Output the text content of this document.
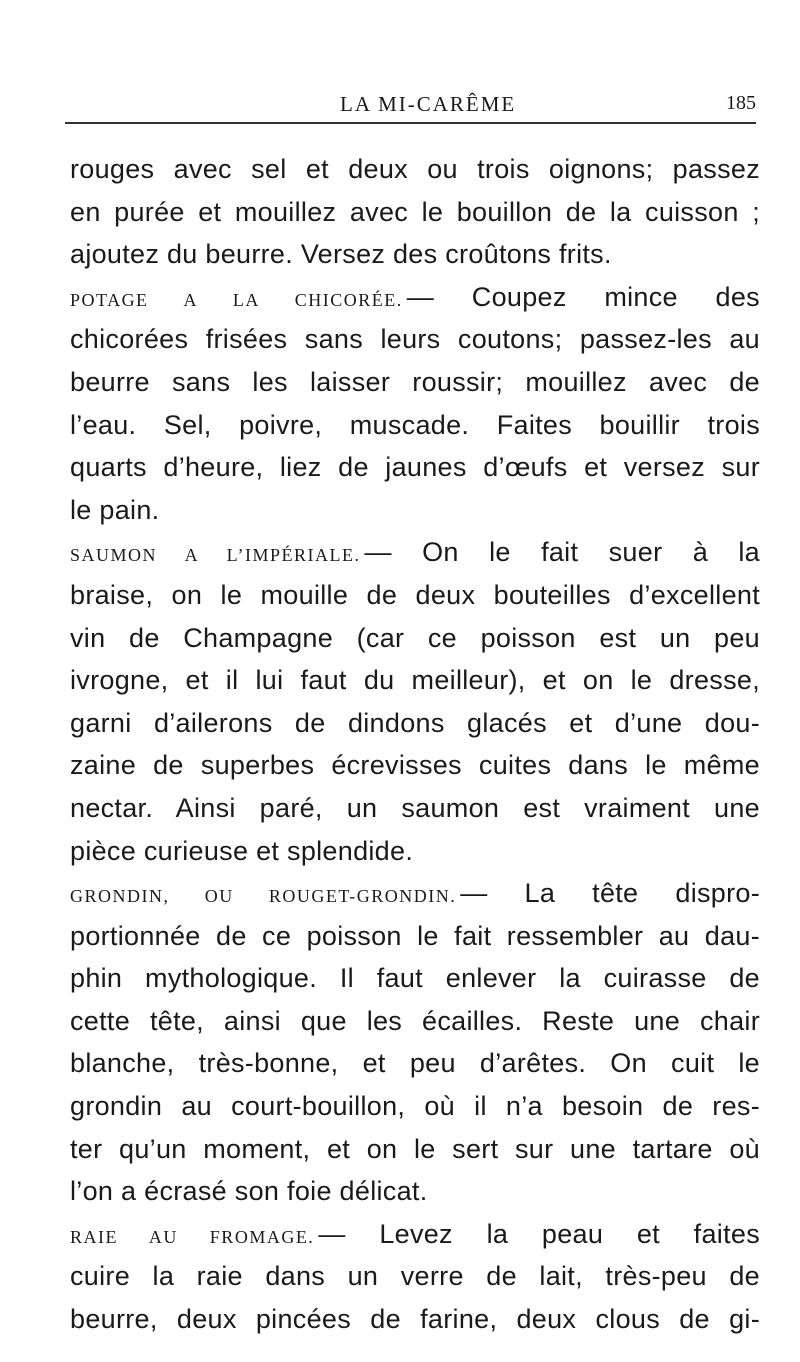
LA MI-CARÊME	185
rouges avec sel et deux ou trois oignons; passez
en purée et mouillez avec le bouillon de la cuisson ;
ajoutez du beurre. Versez des croûtons frits.
POTAGE A LA CHICORÉE. — Coupez mince des
chicorées frisées sans leurs coutons; passez-les au
beurre sans les laisser roussir; mouillez avec de
l’eau. Sel, poivre, muscade. Faites bouillir trois
quarts d’heure, liez de jaunes d’œufs et versez sur
le pain.
SAUMON A L’IMPÉRIALE. — On le fait suer à la
braise, on le mouille de deux bouteilles d’excellent
vin de Champagne (car ce poisson est un peu
ivrogne, et il lui faut du meilleur), et on le dresse,
garni d’ailerons de dindons glacés et d’une dou-
zaine de superbes écrevisses cuites dans le même
nectar. Ainsi paré, un saumon est vraiment une
pièce curieuse et splendide.
GRONDIN, OU ROUGET-GRONDIN. — La tête dispro-
portionnée de ce poisson le fait ressembler au dau-
phin mythologique. Il faut enlever la cuirasse de
cette tête, ainsi que les écailles. Reste une chair
blanche, très-bonne, et peu d’arêtes. On cuit le
grondin au court-bouillon, où il n’a besoin de res-
ter qu’un moment, et on le sert sur une tartare où
l’on a écrasé son foie délicat.
RAIE AU FROMAGE. — Levez la peau et faites
cuire la raie dans un verre de lait, très-peu de
beurre, deux pincées de farine, deux clous de gi-
